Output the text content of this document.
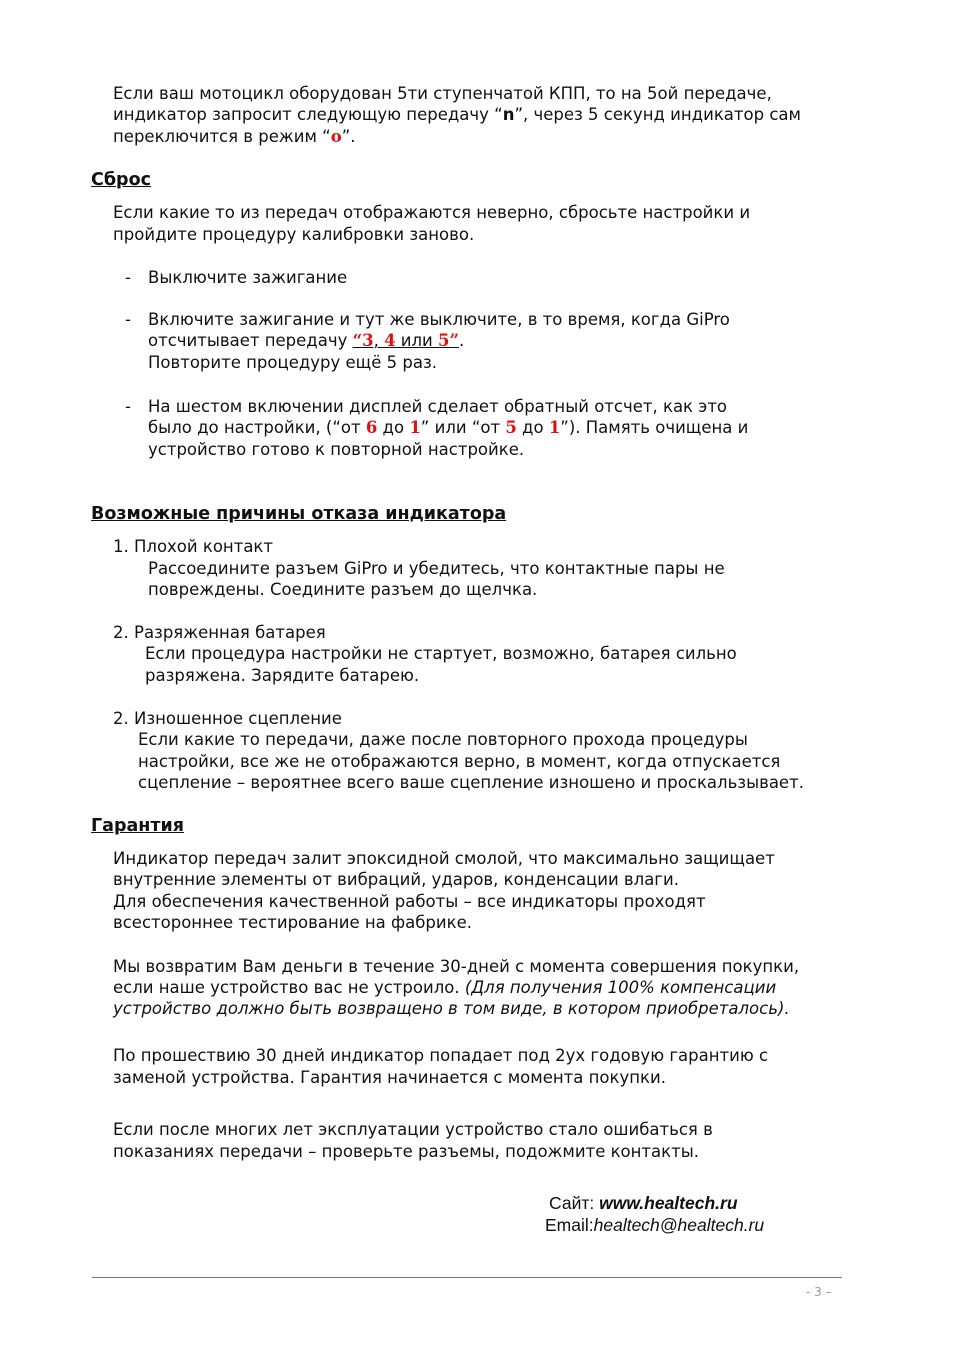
Если ваш мотоцикл оборудован 5ти ступенчатой КПП, то на 5ой передаче,
индикатор запросит следующую передачу “n”, через 5 секунд индикатор сам
переключится в режим “o”.
Сброс
Если какие то из передач отображаются неверно, сбросьте настройки и
пройдите процедуру калибровки заново.
- Выключите зажигание
- Включите зажигание и тут же выключите, в то время, когда GiPro
отсчитывает передачу “3, 4 или 5”.
Повторите процедуру ещё 5 раз.
- На шестом включении дисплей сделает обратный отсчет, как это
было до настройки, (“от 6 до 1” или “от 5 до 1”). Память очищена и
устройство готово к повторной настройке.
Возможные причины отказа индикатора
1. Плохой контакт
Рассоедините разъем GiPro и убедитесь, что контактные пары не
повреждены. Соедините разъем до щелчка.
2. Разряженная батарея
Если процедура настройки не стартует, возможно, батарея сильно
разряжена. Зарядите батарею.
2. Изношенное сцепление
Если какие то передачи, даже после повторного прохода процедуры
настройки, все же не отображаются верно, в момент, когда отпускается
сцепление – вероятнее всего ваше сцепление изношено и проскальзывает.
Гарантия
Индикатор передач залит эпоксидной смолой, что максимально защищает
внутренние элементы от вибраций, ударов, конденсации влаги.
Для обеспечения качественной работы – все индикаторы проходят
всестороннее тестирование на фабрике.
Мы возвратим Вам деньги в течение 30-дней с момента совершения покупки,
если наше устройство вас не устроило. (Для получения 100% компенсации
устройство должно быть возвращено в том виде, в котором приобреталось).
По прошествию 30 дней индикатор попадает под 2ух годовую гарантию с
заменой устройства. Гарантия начинается с момента покупки.
Если после многих лет эксплуатации устройство стало ошибаться в
показаниях передачи – проверьте разъемы, подожмите контакты.
Сайт: www.healtech.ru
Email:healtech@healtech.ru
- 3 –
